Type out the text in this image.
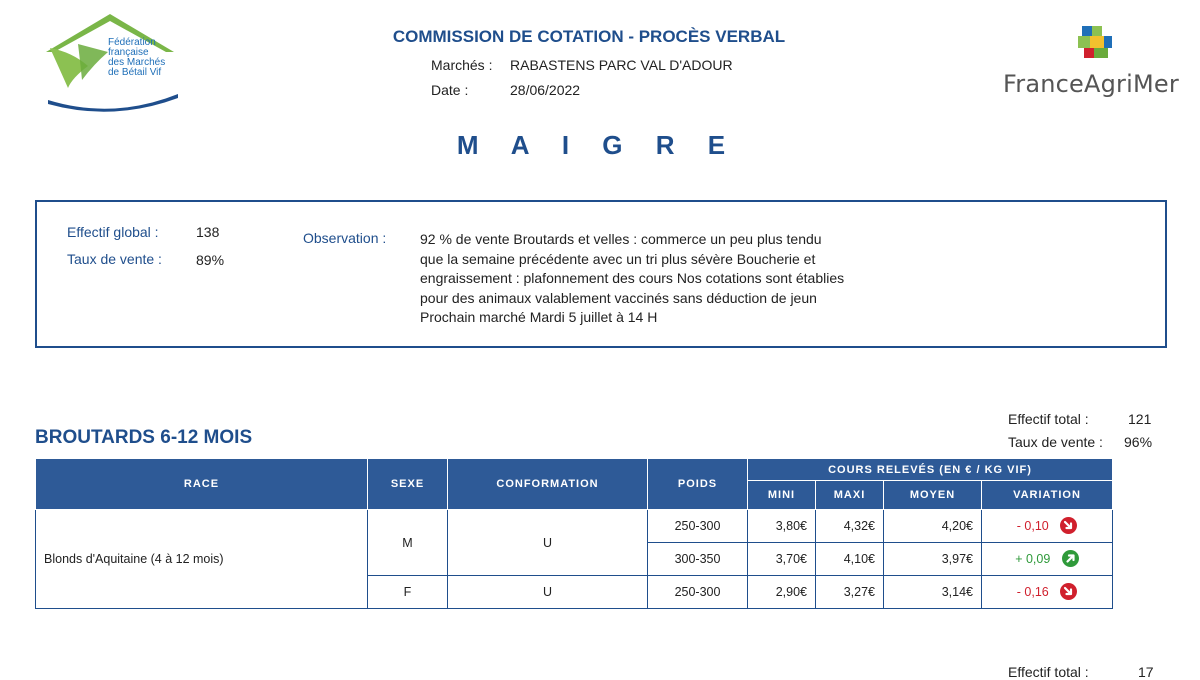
Fédération
française
des Marchés
de Bétail Vif
COMMISSION DE COTATION - PROCÈS VERBAL
Marchés : RABASTENS PARC VAL D'ADOUR
Date :	28/06/2022	FranceAgriMer
M A I G R E
Effectif global :	138
Taux de vente : 89%
Observation : 92 % de vente Broutards et velles : commerce un peu plus tendu
que la semaine précédente avec un tri plus sévère Boucherie et
engraissement : plafonnement des cours Nos cotations sont établies
pour des animaux valablement vaccinés sans déduction de jeun
Prochain marché Mardi 5 juillet à 14 H
BROUTARDS 6-12 MOIS
Effectif total :	121
Taux de vente : 96%
RACE	SEXE	CONFORMATION	POIDS	COURS RELEVÉS (EN € / KG VIF)			
				MINI	MAXI	MOYEN	VARIATION
Blonds d'Aquitaine (4 à 12 mois)	M	U	250-300	3,80€	4,32€	4,20€	- 0,10

			300-350	3,70€	4,10€	3,97€	+ 0,09

	F	U	250-300	2,90€	3,27€	3,14€	- 0,16
Effectif total :	17
